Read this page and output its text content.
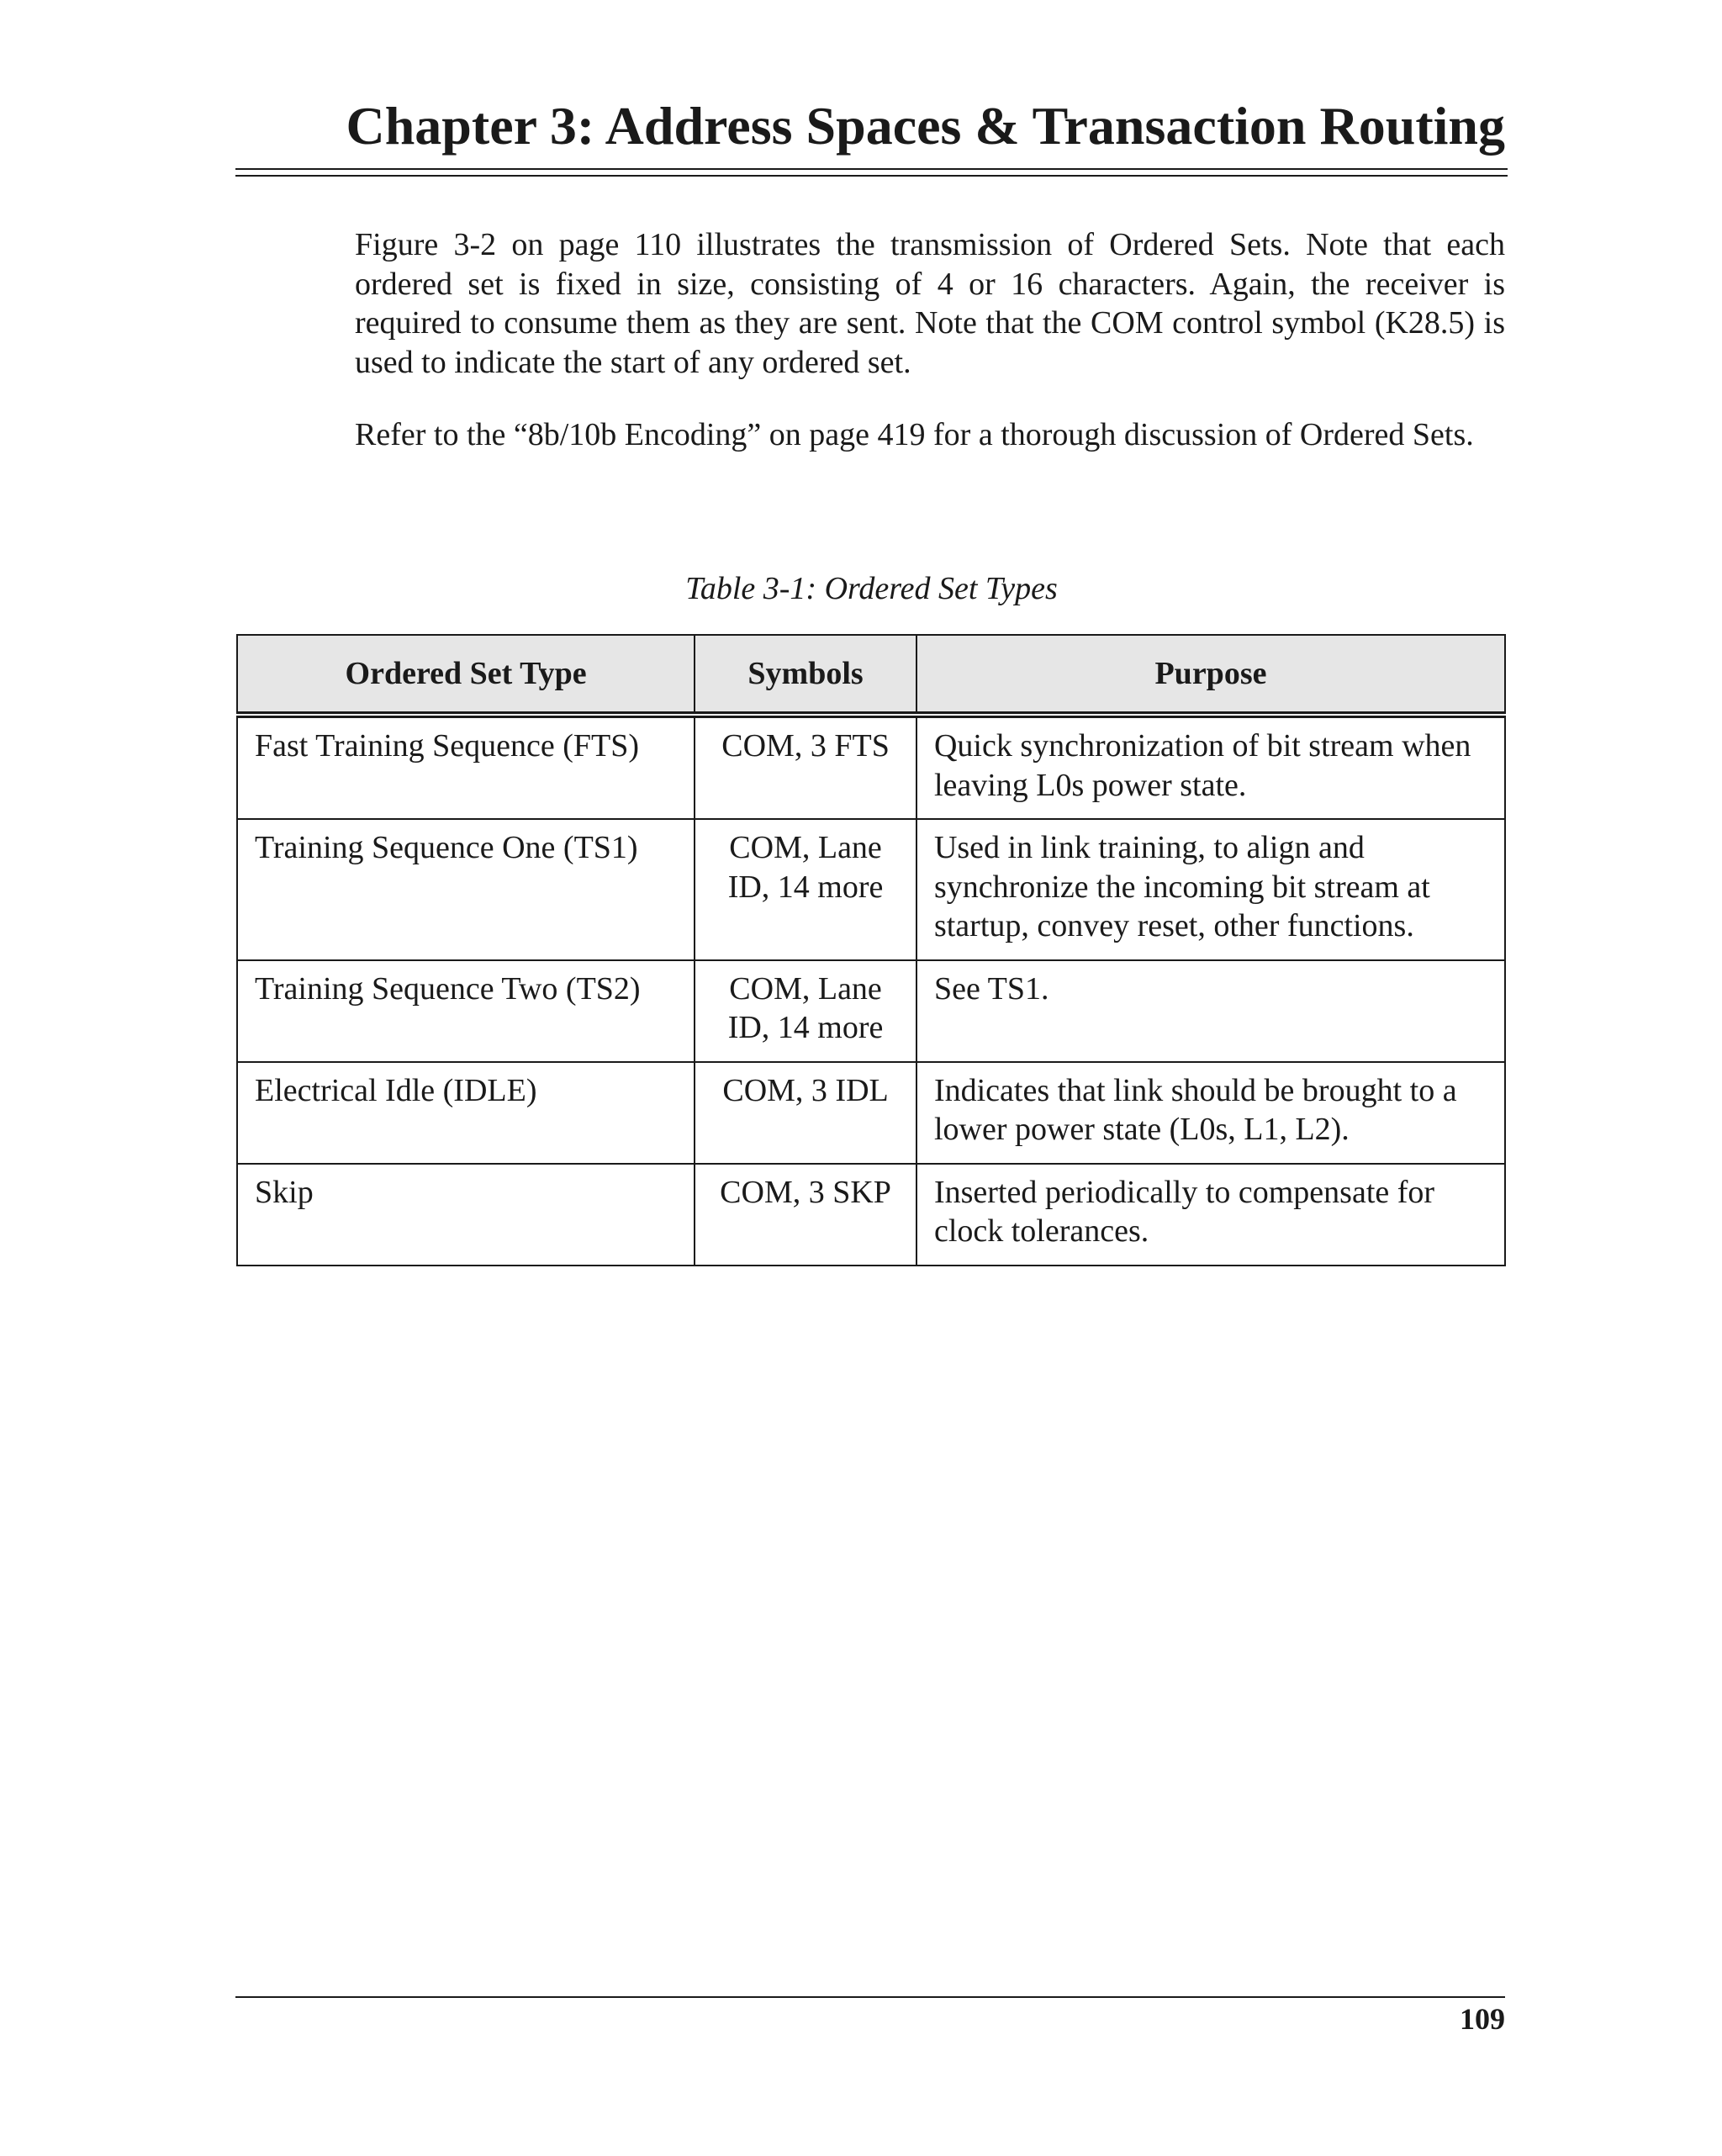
Chapter 3: Address Spaces & Transaction Routing

Figure 3-2 on page 110 illustrates the transmission of Ordered Sets. Note that each ordered set is fixed in size, consisting of 4 or 16 characters. Again, the receiver is required to consume them as they are sent. Note that the COM control symbol (K28.5) is used to indicate the start of any ordered set.

Refer to the “8b/10b Encoding” on page 419 for a thorough discussion of Ordered Sets.

Table 3-1: Ordered Set Types
Ordered Set Type	Symbols	Purpose
Fast Training Sequence (FTS)	COM, 3 FTS	Quick synchronization of bit stream when leaving L0s power state.
Training Sequence One (TS1)	COM, Lane ID, 14 more	Used in link training, to align and synchronize the incoming bit stream at startup, convey reset, other functions.
Training Sequence Two (TS2)	COM, Lane ID, 14 more	See TS1.
Electrical Idle (IDLE)	COM, 3 IDL	Indicates that link should be brought to a lower power state (L0s, L1, L2).
Skip	COM, 3 SKP	Inserted periodically to compensate for clock tolerances.
109
